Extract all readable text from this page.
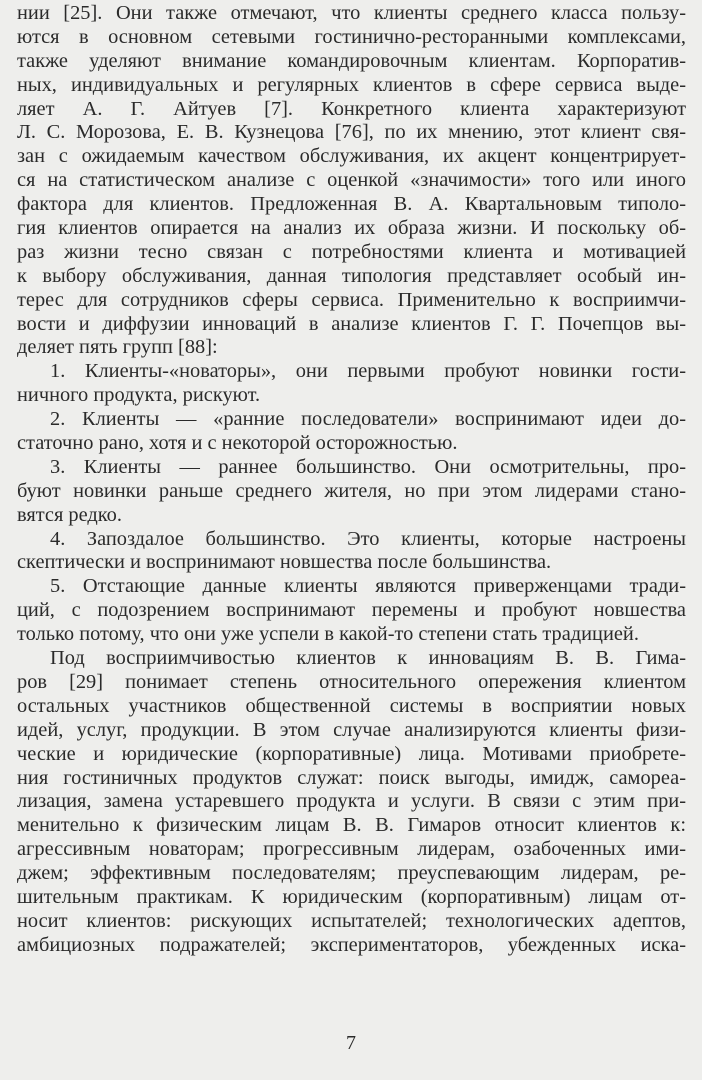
нии [25]. Они также отмечают, что клиенты среднего класса пользу-
ются в основном сетевыми гостинично-ресторанными комплексами,
также уделяют внимание командировочным клиентам. Корпоратив-
ных, индивидуальных и регулярных клиентов в сфере сервиса выде-
ляет А. Г. Айтуев [7]. Конкретного клиента характеризуют
Л. С. Морозова, Е. В. Кузнецова [76], по их мнению, этот клиент свя-
зан с ожидаемым качеством обслуживания, их акцент концентрирует-
ся на статистическом анализе с оценкой «значимости» того или иного
фактора для клиентов. Предложенная В. А. Квартальновым типоло-
гия клиентов опирается на анализ их образа жизни. И поскольку об-
раз жизни тесно связан с потребностями клиента и мотивацией
к выбору обслуживания, данная типология представляет особый ин-
терес для сотрудников сферы сервиса. Применительно к восприимчи-
вости и диффузии инноваций в анализе клиентов Г. Г. Почепцов вы-
деляет пять групп [88]:
1. Клиенты-«новаторы», они первыми пробуют новинки гости-
ничного продукта, рискуют.
2. Клиенты — «ранние последователи» воспринимают идеи до-
статочно рано, хотя и с некоторой осторожностью.
3. Клиенты — раннее большинство. Они осмотрительны, про-
буют новинки раньше среднего жителя, но при этом лидерами стано-
вятся редко.
4. Запоздалое большинство. Это клиенты, которые настроены
скептически и воспринимают новшества после большинства.
5. Отстающие данные клиенты являются приверженцами тради-
ций, с подозрением воспринимают перемены и пробуют новшества
только потому, что они уже успели в какой-то степени стать традицией.
Под восприимчивостью клиентов к инновациям В. В. Гима-
ров [29] понимает степень относительного опережения клиентом
остальных участников общественной системы в восприятии новых
идей, услуг, продукции. В этом случае анализируются клиенты физи-
ческие и юридические (корпоративные) лица. Мотивами приобрете-
ния гостиничных продуктов служат: поиск выгоды, имидж, самореа-
лизация, замена устаревшего продукта и услуги. В связи с этим при-
менительно к физическим лицам В. В. Гимаров относит клиентов к:
агрессивным новаторам; прогрессивным лидерам, озабоченных ими-
джем; эффективным последователям; преуспевающим лидерам, ре-
шительным практикам. К юридическим (корпоративным) лицам от-
носит клиентов: рискующих испытателей; технологических адептов,
амбициозных подражателей; экспериментаторов, убежденных иска-
7
